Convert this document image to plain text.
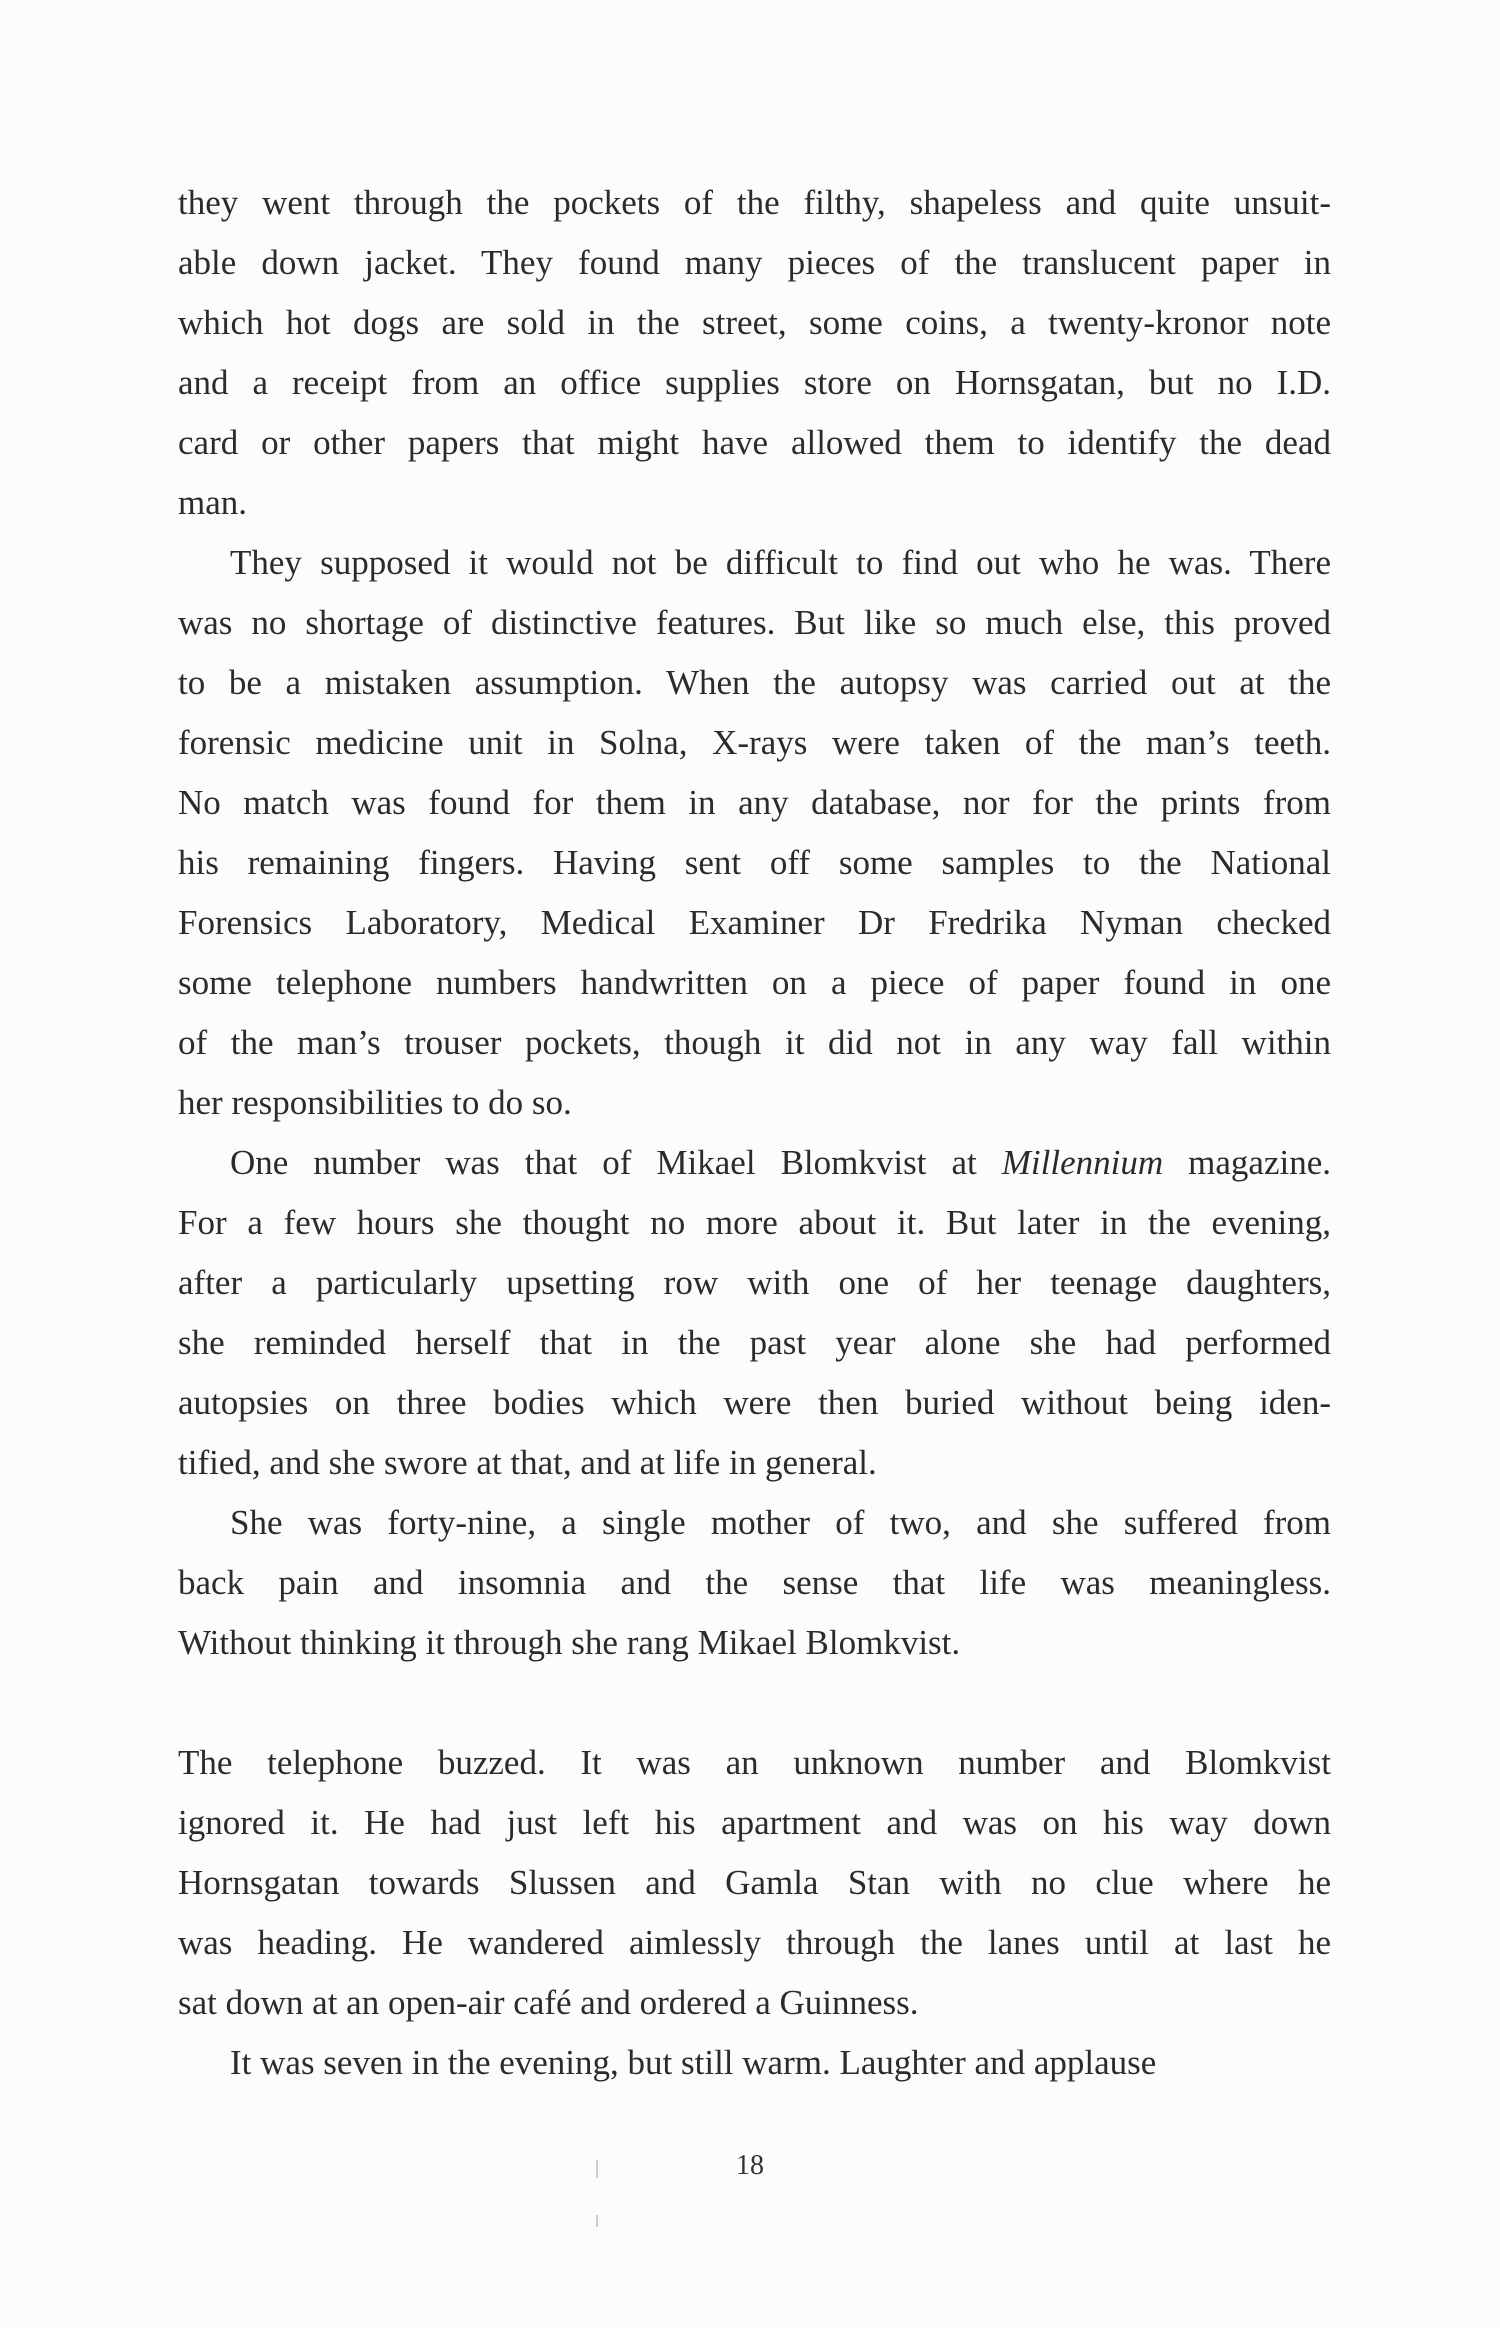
they went through the pockets of the filthy, shapeless and quite unsuit-
able down jacket. They found many pieces of the translucent paper in
which hot dogs are sold in the street, some coins, a twenty-kronor note
and a receipt from an office supplies store on Hornsgatan, but no I.D.
card or other papers that might have allowed them to identify the dead
man.
They supposed it would not be difficult to find out who he was. There
was no shortage of distinctive features. But like so much else, this proved
to be a mistaken assumption. When the autopsy was carried out at the
forensic medicine unit in Solna, X-rays were taken of the man’s teeth.
No match was found for them in any database, nor for the prints from
his remaining fingers. Having sent off some samples to the National
Forensics Laboratory, Medical Examiner Dr Fredrika Nyman checked
some telephone numbers handwritten on a piece of paper found in one
of the man’s trouser pockets, though it did not in any way fall within
her responsibilities to do so.
One number was that of Mikael Blomkvist at Millennium magazine.
For a few hours she thought no more about it. But later in the evening,
after a particularly upsetting row with one of her teenage daughters,
she reminded herself that in the past year alone she had performed
autopsies on three bodies which were then buried without being iden-
tified, and she swore at that, and at life in general.
She was forty-nine, a single mother of two, and she suffered from
back pain and insomnia and the sense that life was meaningless.
Without thinking it through she rang Mikael Blomkvist.
The telephone buzzed. It was an unknown number and Blomkvist
ignored it. He had just left his apartment and was on his way down
Hornsgatan towards Slussen and Gamla Stan with no clue where he
was heading. He wandered aimlessly through the lanes until at last he
sat down at an open-air café and ordered a Guinness.
It was seven in the evening, but still warm. Laughter and applause
18
